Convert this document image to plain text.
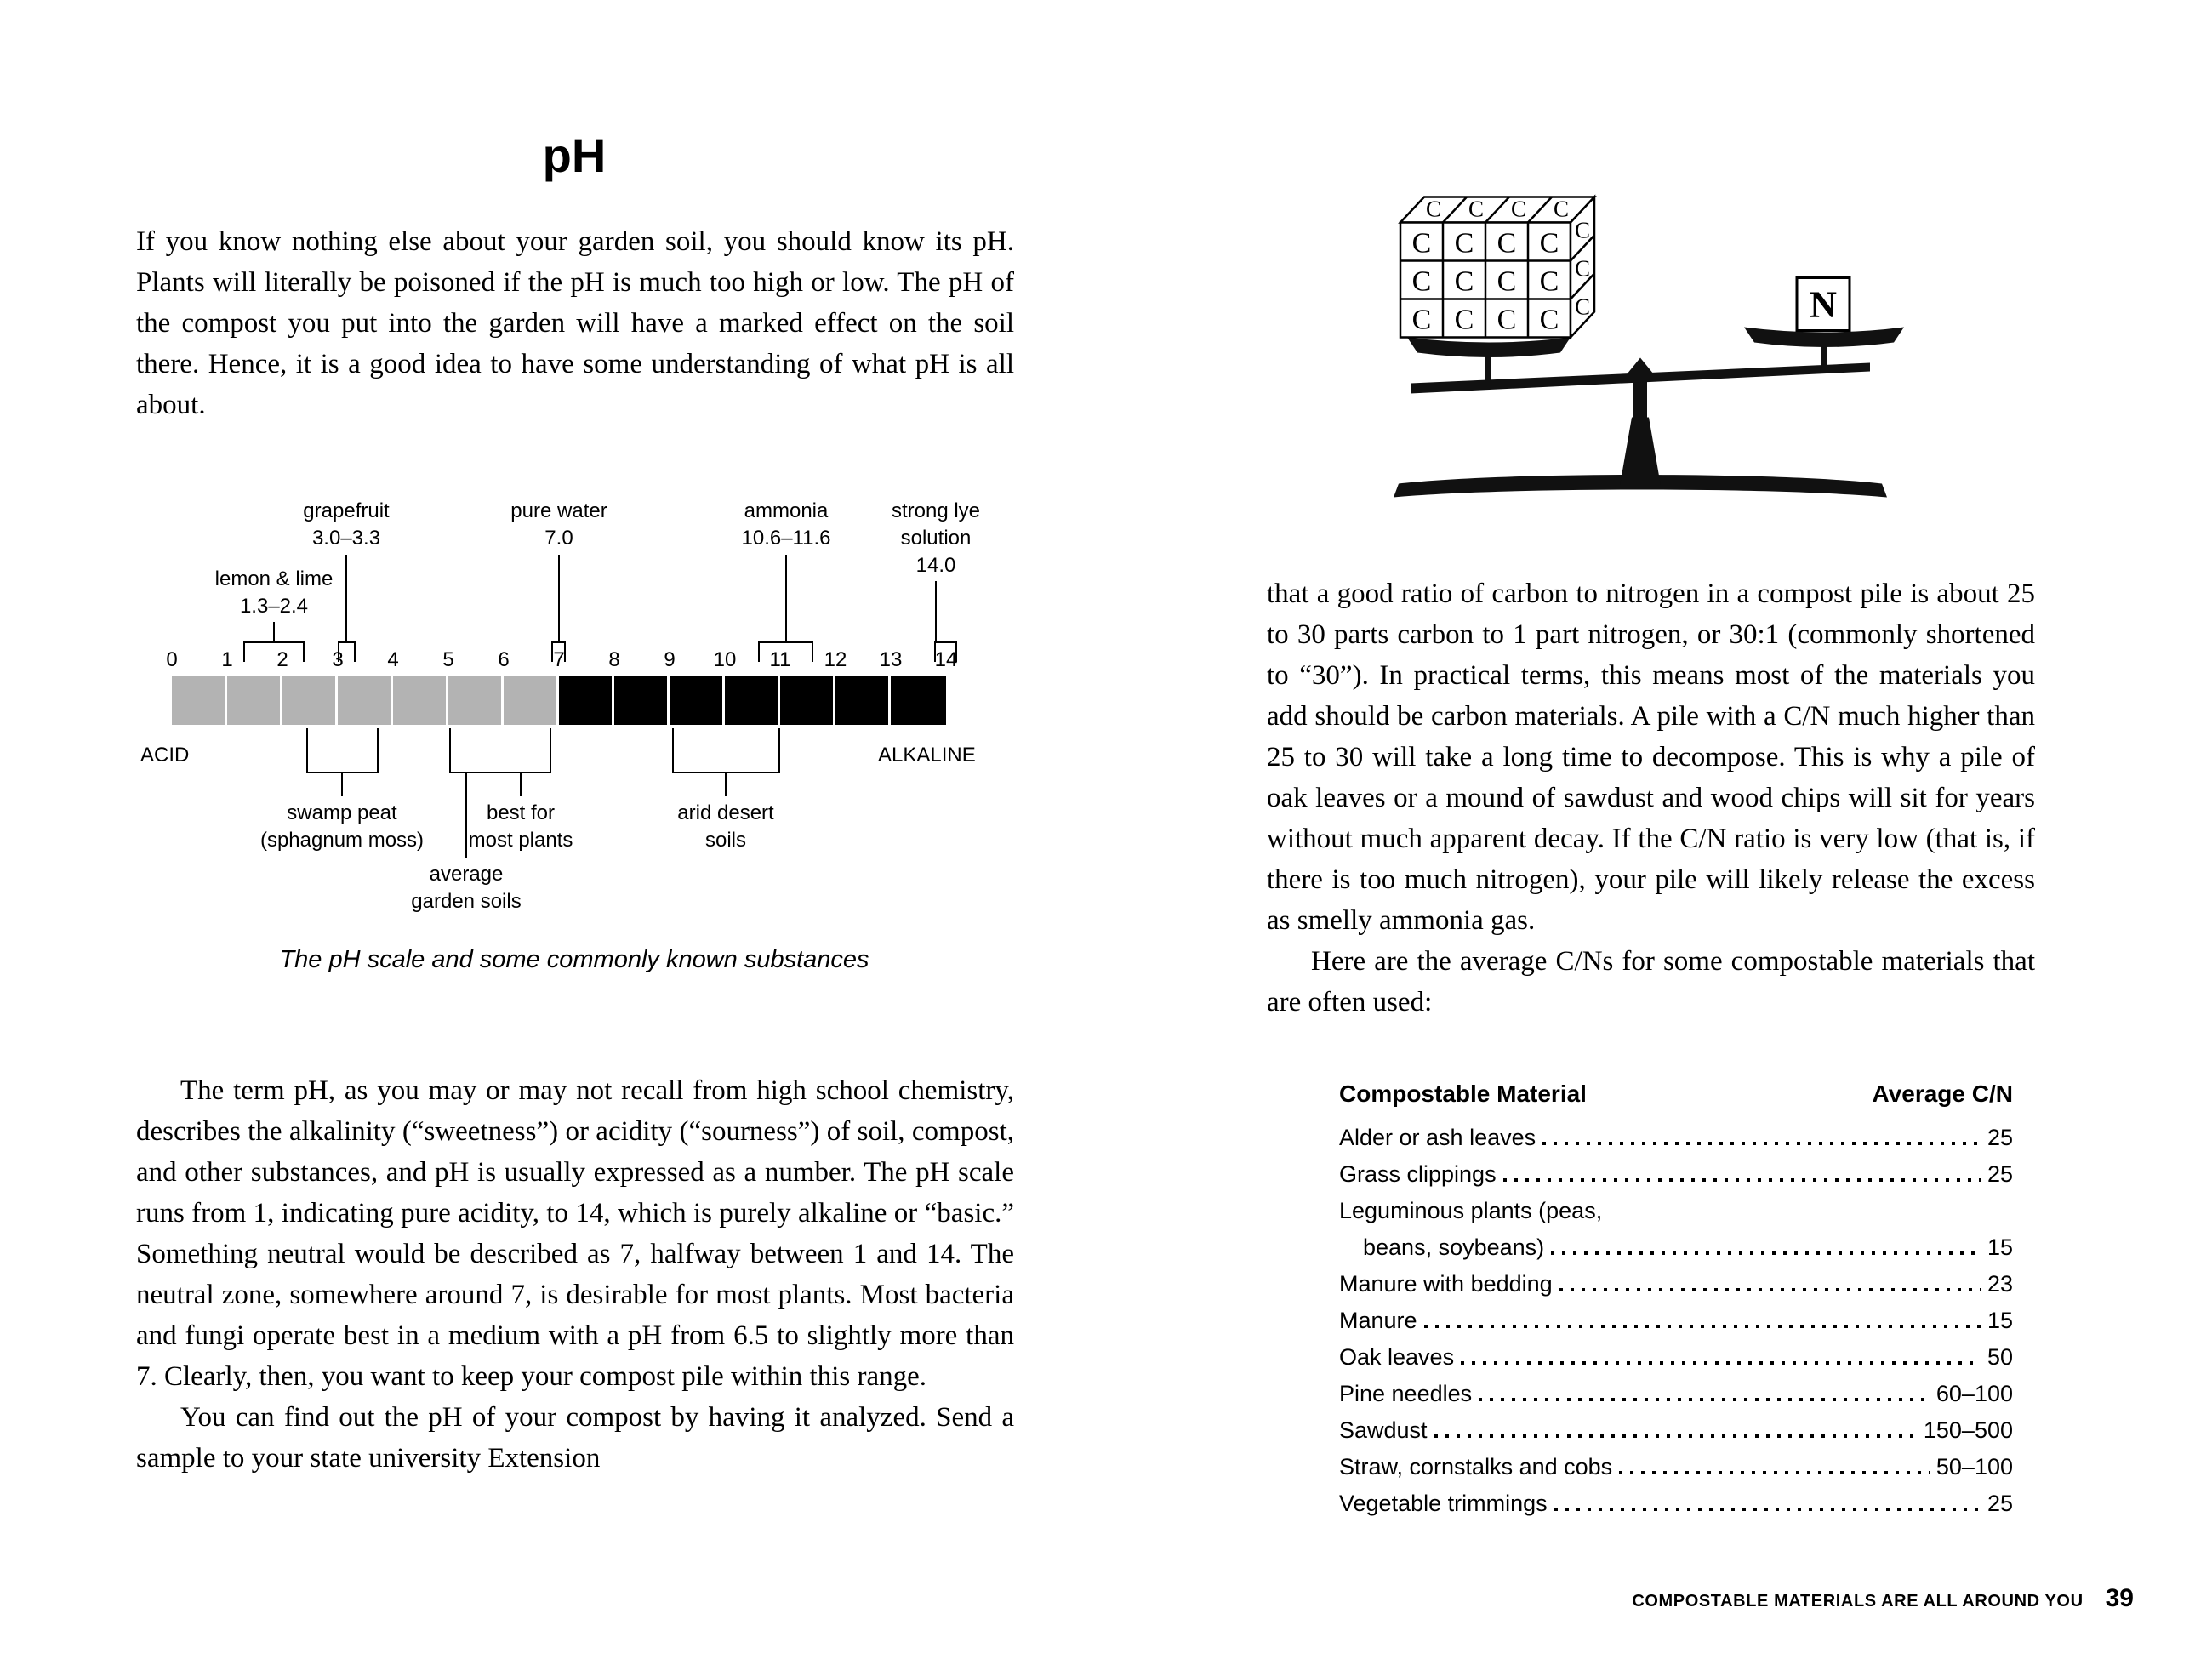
pH

If you know nothing else about your garden soil, you should know its pH. Plants will literally be poisoned if the pH is much too high or low. The pH of the compost you put into the garden will have a marked effect on the soil there. Hence, it is a good idea to have some understanding of what pH is all about.

lemon & lime
1.3–2.4
grapefruit
3.0–3.3
pure water
7.0
ammonia
10.6–11.6
strong lye solution
14.0
0 1 2 3 4 5 6 7 8 9 10 11 12 13 14
ACID	ALKALINE
swamp peat
(sphagnum moss)
best for
most plants
arid desert
soils
average
garden soils
The pH scale and some commonly known substances

The term pH, as you may or may not recall from high school chemistry, describes the alkalinity (“sweetness”) or acidity (“sourness”) of soil, compost, and other substances, and pH is usually expressed as a number. The pH scale runs from 1, indicating pure acidity, to 14, which is purely alkaline or “basic.” Something neutral would be described as 7, halfway between 1 and 14. The neutral zone, somewhere around 7, is desirable for most plants. Most bacteria and fungi operate best in a medium with a pH from 6.5 to slightly more than 7. Clearly, then, you want to keep your compost pile within this range.

You can find out the pH of your compost by having it analyzed. Send a sample to your state university Extension

C C C C
C C C C
C C C C
C C C C
C
C
C	N

that a good ratio of carbon to nitrogen in a compost pile is about 25 to 30 parts carbon to 1 part nitrogen, or 30:1 (commonly shortened to “30”). In practical terms, this means most of the materials you add should be carbon materials. A pile with a C/N much higher than 25 to 30 will take a long time to decompose. This is why a pile of oak leaves or a mound of sawdust and wood chips will sit for years without much apparent decay. If the C/N ratio is very low (that is, if there is too much nitrogen), your pile will likely release the excess as smelly ammonia gas.

Here are the average C/Ns for some compostable materials that are often used:

Compostable Material	Average C/N
Alder or ash leaves	25
Grass clippings	25
Leguminous plants (peas,
beans, soybeans)	15
Manure with bedding	23
Manure	15
Oak leaves	50
Pine needles	60–100
Sawdust	150–500
Straw, cornstalks and cobs	50–100
Vegetable trimmings	25
COMPOSTABLE MATERIALS ARE ALL AROUND YOU 39
